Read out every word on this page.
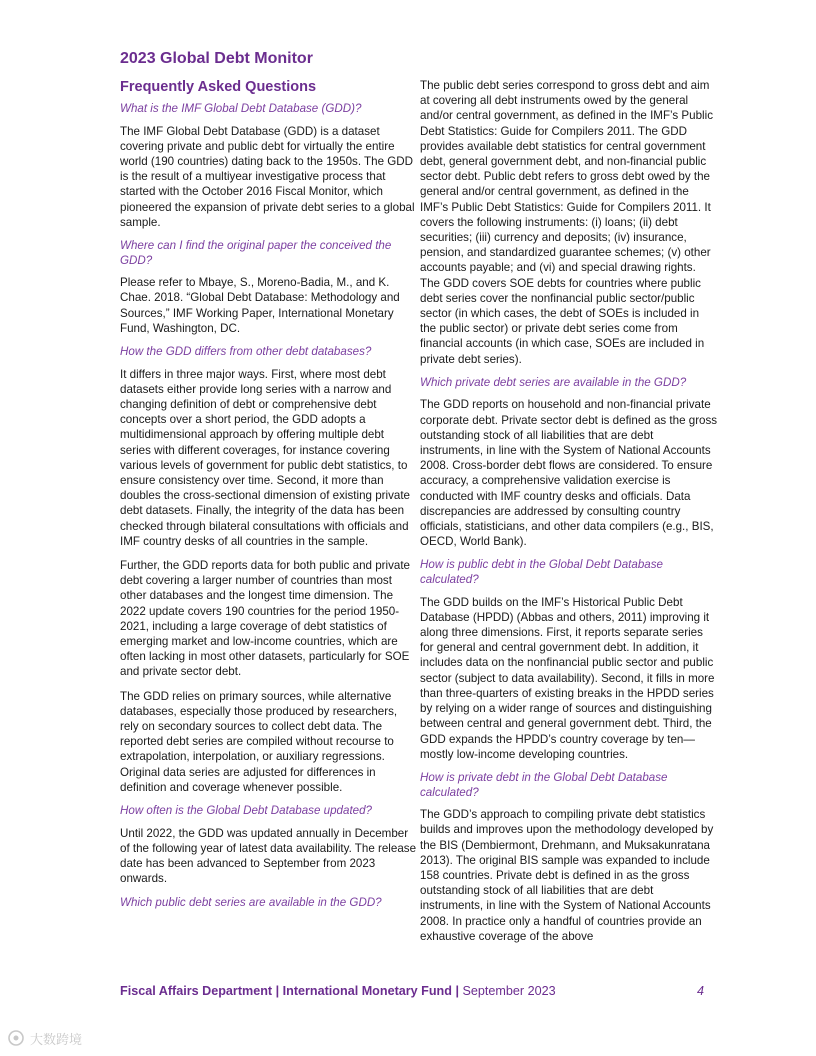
2023 Global Debt Monitor
Frequently Asked Questions

What is the IMF Global Debt Database (GDD)?

The IMF Global Debt Database (GDD) is a dataset covering private and public debt for virtually the entire world (190 countries) dating back to the 1950s. The GDD is the result of a multiyear investigative process that started with the October 2016 Fiscal Monitor, which pioneered the expansion of private debt series to a global sample.

Where can I find the original paper the conceived the GDD?

Please refer to Mbaye, S., Moreno-Badia, M., and K. Chae. 2018. “Global Debt Database: Methodology and Sources,” IMF Working Paper, International Monetary Fund, Washington, DC.

How the GDD differs from other debt databases?

It differs in three major ways. First, where most debt datasets either provide long series with a narrow and changing definition of debt or comprehensive debt concepts over a short period, the GDD adopts a multidimensional approach by offering multiple debt series with different coverages, for instance covering various levels of government for public debt statistics, to ensure consistency over time. Second, it more than doubles the cross-sectional dimension of existing private debt datasets. Finally, the integrity of the data has been checked through bilateral consultations with officials and IMF country desks of all countries in the sample.

Further, the GDD reports data for both public and private debt covering a larger number of countries than most other databases and the longest time dimension. The 2022 update covers 190 countries for the period 1950-2021, including a large coverage of debt statistics of emerging market and low-income countries, which are often lacking in most other datasets, particularly for SOE and private sector debt.

The GDD relies on primary sources, while alternative databases, especially those produced by researchers, rely on secondary sources to collect debt data. The reported debt series are compiled without recourse to extrapolation, interpolation, or auxiliary regressions. Original data series are adjusted for differences in definition and coverage whenever possible.

How often is the Global Debt Database updated?

Until 2022, the GDD was updated annually in December of the following year of latest data availability. The release date has been advanced to September from 2023 onwards.

Which public debt series are available in the GDD?

The public debt series correspond to gross debt and aim at covering all debt instruments owed by the general and/or central government, as defined in the IMF’s Public Debt Statistics: Guide for Compilers 2011. The GDD provides available debt statistics for central government debt, general government debt, and non-financial public sector debt. Public debt refers to gross debt owed by the general and/or central government, as defined in the IMF’s Public Debt Statistics: Guide for Compilers 2011. It covers the following instruments: (i) loans; (ii) debt securities; (iii) currency and deposits; (iv) insurance, pension, and standardized guarantee schemes; (v) other accounts payable; and (vi) and special drawing rights. The GDD covers SOE debts for countries where public debt series cover the nonfinancial public sector/public sector (in which cases, the debt of SOEs is included in the public sector) or private debt series come from financial accounts (in which case, SOEs are included in private debt series).

Which private debt series are available in the GDD?

The GDD reports on household and non-financial private corporate debt. Private sector debt is defined as the gross outstanding stock of all liabilities that are debt instruments, in line with the System of National Accounts 2008. Cross-border debt flows are considered. To ensure accuracy, a comprehensive validation exercise is conducted with IMF country desks and officials. Data discrepancies are addressed by consulting country officials, statisticians, and other data compilers (e.g., BIS, OECD, World Bank).

How is public debt in the Global Debt Database calculated?

The GDD builds on the IMF’s Historical Public Debt Database (HPDD) (Abbas and others, 2011) improving it along three dimensions. First, it reports separate series for general and central government debt. In addition, it includes data on the nonfinancial public sector and public sector (subject to data availability). Second, it fills in more than three-quarters of existing breaks in the HPDD series by relying on a wider range of sources and distinguishing between central and general government debt. Third, the GDD expands the HPDD’s country coverage by ten—mostly low-income developing countries.

How is private debt in the Global Debt Database calculated?

The GDD’s approach to compiling private debt statistics builds and improves upon the methodology developed by the BIS (Dembiermont, Drehmann, and Muksakunratana 2013). The original BIS sample was expanded to include 158 countries. Private debt is defined in as the gross outstanding stock of all liabilities that are debt instruments, in line with the System of National Accounts 2008. In practice only a handful of countries provide an exhaustive coverage of the above

Fiscal Affairs Department | International Monetary Fund | September 2023	4
大数跨境
